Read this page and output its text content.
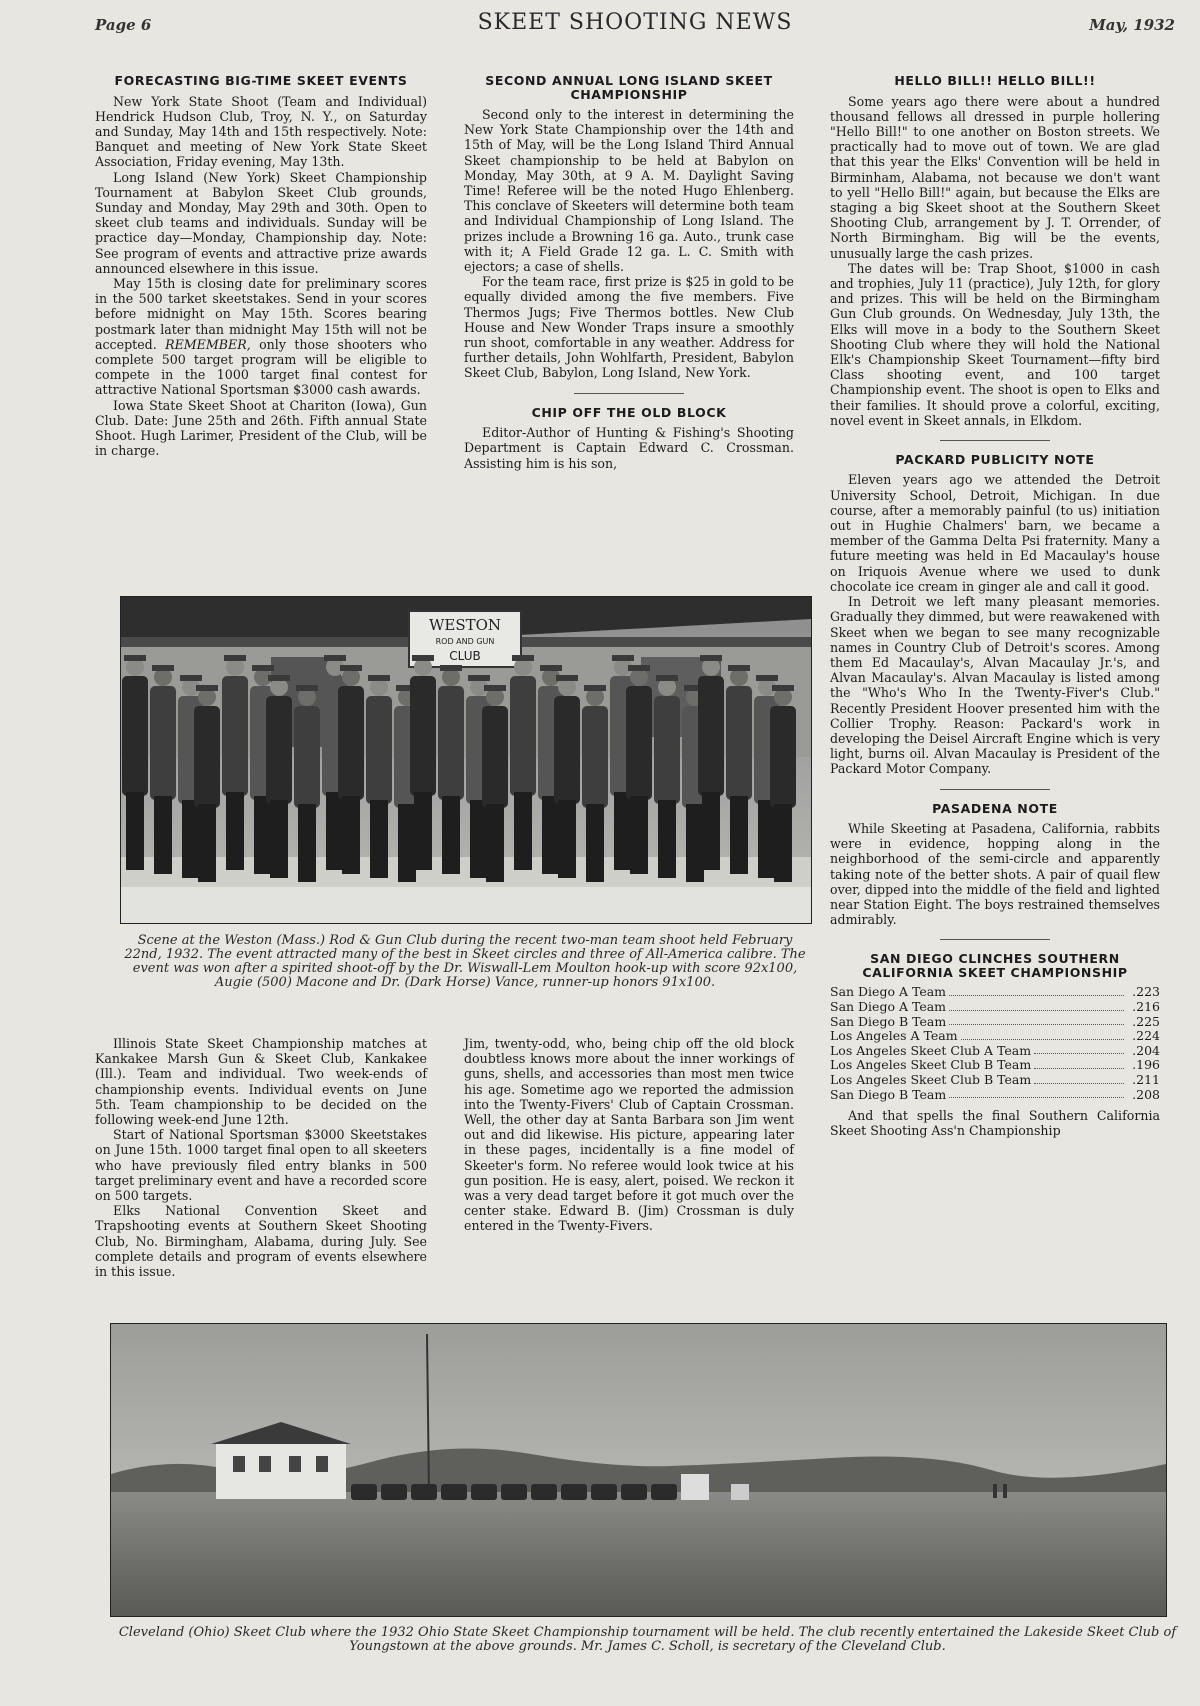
Page 6	SKEET SHOOTING NEWS	May, 1932
FORECASTING BIG-TIME SKEET EVENTS

New York State Shoot (Team and Individual) Hendrick Hudson Club, Troy, N. Y., on Saturday and Sunday, May 14th and 15th respectively. Note: Banquet and meeting of New York State Skeet Association, Friday evening, May 13th.

Long Island (New York) Skeet Championship Tournament at Babylon Skeet Club grounds, Sunday and Monday, May 29th and 30th. Open to skeet club teams and individuals. Sunday will be practice day—Monday, Championship day. Note: See program of events and attractive prize awards announced elsewhere in this issue.

May 15th is closing date for preliminary scores in the 500 tarket skeetstakes. Send in your scores before midnight on May 15th. Scores bearing postmark later than midnight May 15th will not be accepted. REMEMBER, only those shooters who complete 500 target program will be eligible to compete in the 1000 target final contest for attractive National Sportsman $3000 cash awards.

Iowa State Skeet Shoot at Chariton (Iowa), Gun Club. Date: June 25th and 26th. Fifth annual State Shoot. Hugh Larimer, President of the Club, will be in charge.

SECOND ANNUAL LONG ISLAND SKEET CHAMPIONSHIP

Second only to the interest in determining the New York State Championship over the 14th and 15th of May, will be the Long Island Third Annual Skeet championship to be held at Babylon on Monday, May 30th, at 9 A. M. Daylight Saving Time! Referee will be the noted Hugo Ehlenberg. This conclave of Skeeters will determine both team and Individual Championship of Long Island. The prizes include a Browning 16 ga. Auto., trunk case with it; A Field Grade 12 ga. L. C. Smith with ejectors; a case of shells.

For the team race, first prize is $25 in gold to be equally divided among the five members. Five Thermos Jugs; Five Thermos bottles. New Club House and New Wonder Traps insure a smoothly run shoot, comfortable in any weather. Address for further details, John Wohlfarth, President, Babylon Skeet Club, Babylon, Long Island, New York.

CHIP OFF THE OLD BLOCK

Editor-Author of Hunting & Fishing's Shooting Department is Captain Edward C. Crossman. Assisting him is his son,

HELLO BILL!! HELLO BILL!!

Some years ago there were about a hundred thousand fellows all dressed in purple hollering "Hello Bill!" to one another on Boston streets. We practically had to move out of town. We are glad that this year the Elks' Convention will be held in Birminham, Alabama, not because we don't want to yell "Hello Bill!" again, but because the Elks are staging a big Skeet shoot at the Southern Skeet Shooting Club, arrangement by J. T. Orrender, of North Birmingham. Big will be the events, unusually large the cash prizes.

The dates will be: Trap Shoot, $1000 in cash and trophies, July 11 (practice), July 12th, for glory and prizes. This will be held on the Birmingham Gun Club grounds. On Wednesday, July 13th, the Elks will move in a body to the Southern Skeet Shooting Club where they will hold the National Elk's Championship Skeet Tournament—fifty bird Class shooting event, and 100 target Championship event. The shoot is open to Elks and their families. It should prove a colorful, exciting, novel event in Skeet annals, in Elkdom.

PACKARD PUBLICITY NOTE

Eleven years ago we attended the Detroit University School, Detroit, Michigan. In due course, after a memorably painful (to us) initiation out in Hughie Chalmers' barn, we became a member of the Gamma Delta Psi fraternity. Many a future meeting was held in Ed Macaulay's house on Iriquois Avenue where we used to dunk chocolate ice cream in ginger ale and call it good.

In Detroit we left many pleasant memories. Gradually they dimmed, but were reawakened with Skeet when we began to see many recognizable names in Country Club of Detroit's scores. Among them Ed Macaulay's, Alvan Macaulay Jr.'s, and Alvan Macaulay's. Alvan Macaulay is listed among the "Who's Who In the Twenty-Fiver's Club." Recently President Hoover presented him with the Collier Trophy. Reason: Packard's work in developing the Deisel Aircraft Engine which is very light, burns oil. Alvan Macaulay is President of the Packard Motor Company.

PASADENA NOTE

While Skeeting at Pasadena, California, rabbits were in evidence, hopping along in the neighborhood of the semi-circle and apparently taking note of the better shots. A pair of quail flew over, dipped into the middle of the field and lighted near Station Eight. The boys restrained themselves admirably.

SAN DIEGO CLINCHES SOUTHERN CALIFORNIA SKEET CHAMPIONSHIP
San Diego A Team	.223

San Diego A Team	.216

San Diego B Team	.225

Los Angeles A Team	.224

Los Angeles Skeet Club A Team	.204

Los Angeles Skeet Club B Team	.196

Los Angeles Skeet Club B Team	.211

San Diego B Team	.208

And that spells the final Southern California Skeet Shooting Ass'n Championship

WESTON
ROD AND GUN
CLUB
Scene at the Weston (Mass.) Rod & Gun Club during the recent two-man team shoot held February 22nd, 1932. The event attracted many of the best in Skeet circles and three of All-America calibre. The event was won after a spirited shoot-off by the Dr. Wiswall-Lem Moulton hook-up with score 92x100, Augie (500) Macone and Dr. (Dark Horse) Vance, runner-up honors 91x100.

Illinois State Skeet Championship matches at Kankakee Marsh Gun & Skeet Club, Kankakee (Ill.). Team and individual. Two week-ends of championship events. Individual events on June 5th. Team championship to be decided on the following week-end June 12th.

Start of National Sportsman $3000 Skeetstakes on June 15th. 1000 target final open to all skeeters who have previously filed entry blanks in 500 target preliminary event and have a recorded score on 500 targets.

Elks National Convention Skeet and Trapshooting events at Southern Skeet Shooting Club, No. Birmingham, Alabama, during July. See complete details and program of events elsewhere in this issue.

Jim, twenty-odd, who, being chip off the old block doubtless knows more about the inner workings of guns, shells, and accessories than most men twice his age. Sometime ago we reported the admission into the Twenty-Fivers' Club of Captain Crossman. Well, the other day at Santa Barbara son Jim went out and did likewise. His picture, appearing later in these pages, incidentally is a fine model of Skeeter's form. No referee would look twice at his gun position. He is easy, alert, poised. We reckon it was a very dead target before it got much over the center stake. Edward B. (Jim) Crossman is duly entered in the Twenty-Fivers.

Cleveland (Ohio) Skeet Club where the 1932 Ohio State Skeet Championship tournament will be held. The club recently entertained the Lakeside Skeet Club of Youngstown at the above grounds. Mr. James C. Scholl, is secretary of the Cleveland Club.
